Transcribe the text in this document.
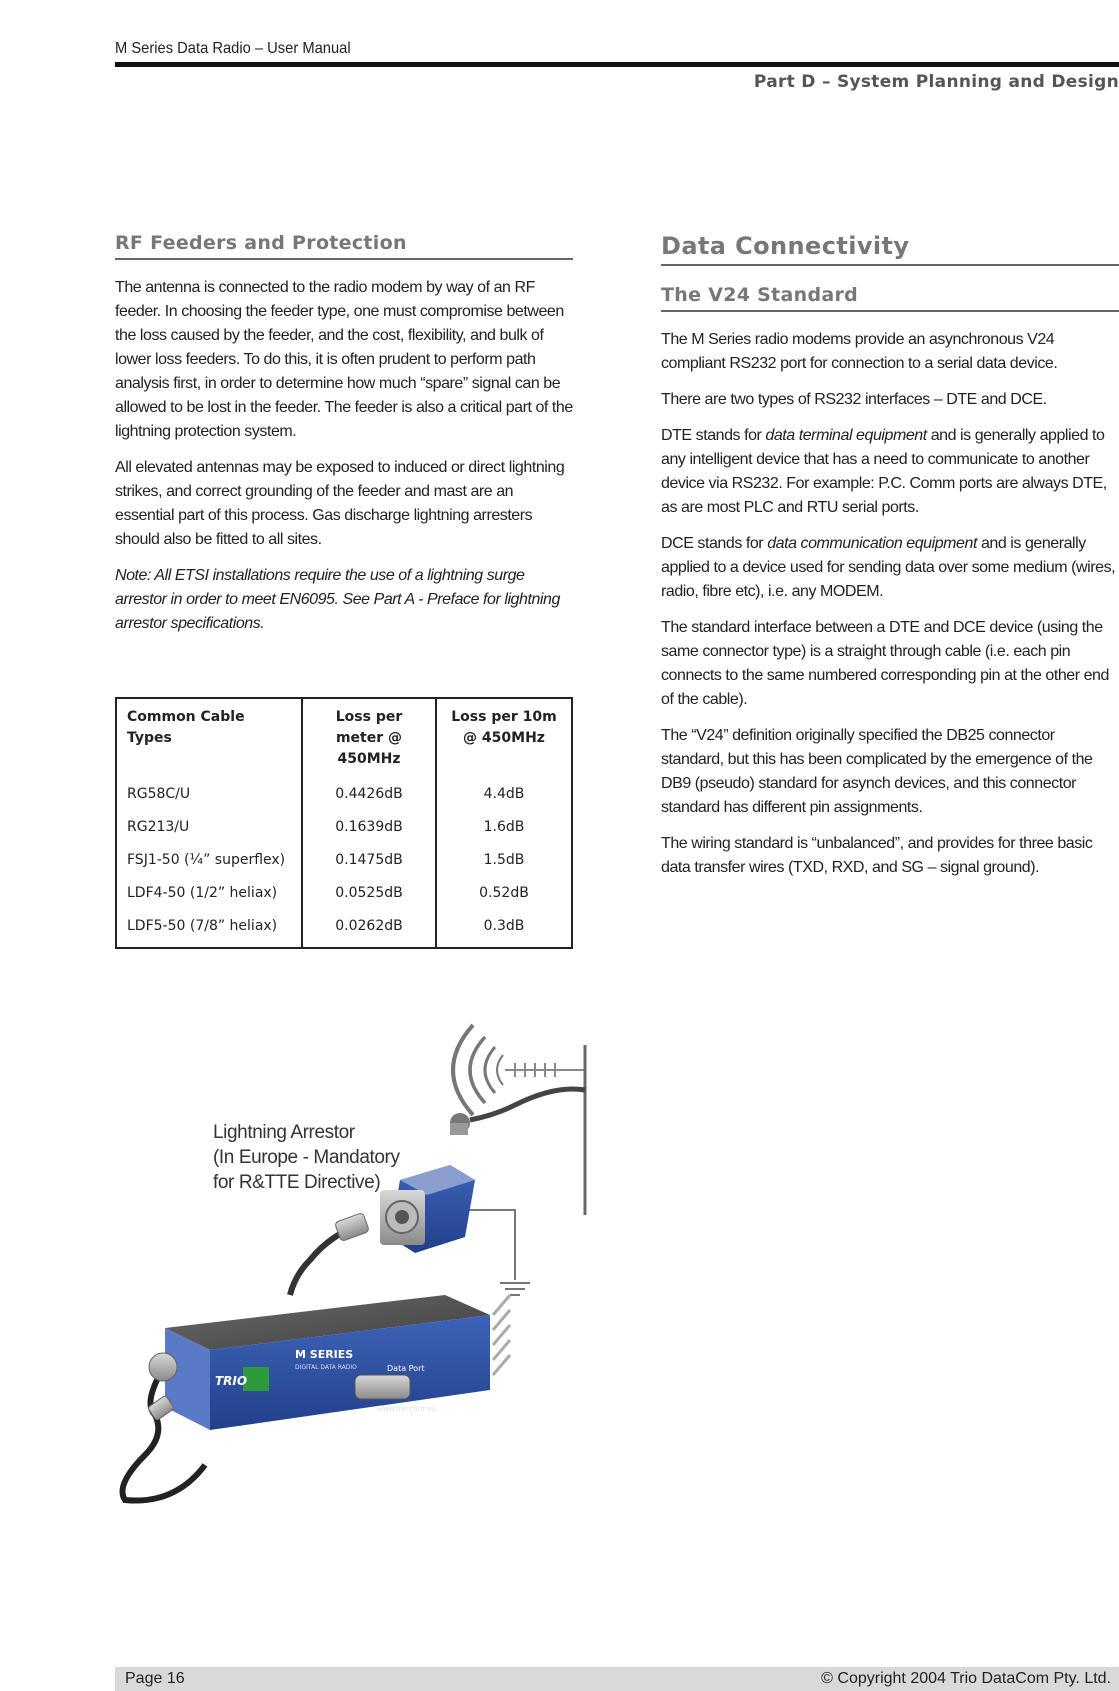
M Series Data Radio – User Manual
Part D – System Planning and Design
RF Feeders and Protection

The antenna is connected to the radio modem by way of an RF feeder. In choosing the feeder type, one must compromise between the loss caused by the feeder, and the cost, flexibility, and bulk of lower loss feeders. To do this, it is often prudent to perform path analysis first, in order to determine how much “spare” signal can be allowed to be lost in the feeder. The feeder is also a critical part of the lightning protection system.

All elevated antennas may be exposed to induced or direct lightning strikes, and correct grounding of the feeder and mast are an essential part of this process. Gas discharge lightning arresters should also be fitted to all sites.

Note: All ETSI installations require the use of a lightning surge arrestor in order to meet EN6095. See Part A - Preface for lightning arrestor specifications.

Common Cable Types	Loss per meter @ 450MHz	Loss per 10m @ 450MHz
RG58C/U	0.4426dB	4.4dB
RG213/U	0.1639dB	1.6dB
FSJ1-50 (¼” superflex)	0.1475dB	1.5dB
LDF4-50 (1/2” heliax)	0.0525dB	0.52dB
LDF5-50 (7/8” heliax)	0.0262dB	0.3dB
Data Connectivity
The V24 Standard

The M Series radio modems provide an asynchronous V24 compliant RS232 port for connection to a serial data device.

There are two types of RS232 interfaces – DTE and DCE.

DTE stands for data terminal equipment and is generally applied to any intelligent device that has a need to communicate to another device via RS232. For example: P.C. Comm ports are always DTE, as are most PLC and RTU serial ports.

DCE stands for data communication equipment and is generally applied to a device used for sending data over some medium (wires, radio, fibre etc), i.e. any MODEM.

The standard interface between a DTE and DCE device (using the same connector type) is a straight through cable (i.e. each pin connects to the same numbered corresponding pin at the other end of the cable).

The “V24” definition originally specified the DB25 connector standard, but this has been complicated by the emergence of the DB9 (pseudo) standard for asynch devices, and this connector standard has different pin assignments.

The wiring standard is “unbalanced”, and provides for three basic data transfer wires (TXD, RXD, and SG – signal ground).

TRIO
M SERIES
DIGITAL DATA RADIO	Data Port
www.trio.com.au
Lightning Arrestor
(In Europe - Mandatory
for R&TTE Directive)
Page 16	© Copyright 2004 Trio DataCom Pty. Ltd.
